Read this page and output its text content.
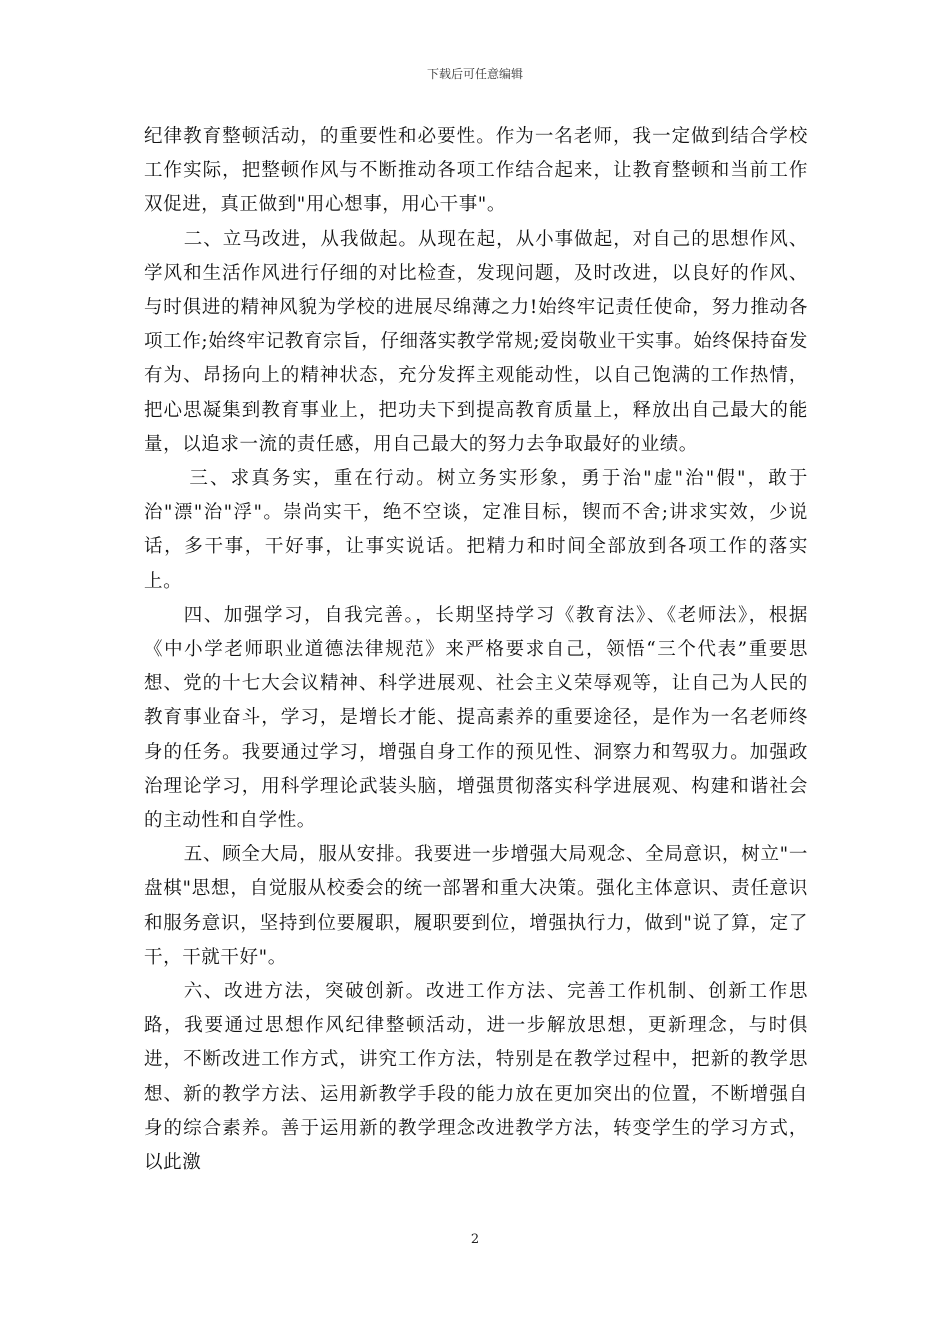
下载后可任意编辑

纪律教育整顿活动，的重要性和必要性。作为一名老师，我一定做到结合学校工作实际，把整顿作风与不断推动各项工作结合起来，让教育整顿和当前工作双促进，真正做到"用心想事，用心干事"。

二、立马改进，从我做起。从现在起，从小事做起，对自己的思想作风、学风和生活作风进行仔细的对比检查，发现问题，及时改进，以良好的作风、与时俱进的精神风貌为学校的进展尽绵薄之力!始终牢记责任使命，努力推动各项工作;始终牢记教育宗旨，仔细落实教学常规;爱岗敬业干实事。始终保持奋发有为、昂扬向上的精神状态，充分发挥主观能动性，以自己饱满的工作热情，把心思凝集到教育事业上，把功夫下到提高教育质量上，释放出自己最大的能量，以追求一流的责任感，用自己最大的努力去争取最好的业绩。

三、求真务实，重在行动。树立务实形象，勇于治"虚"治"假"，敢于治"漂"治"浮"。崇尚实干，绝不空谈，定准目标，锲而不舍;讲求实效，少说话，多干事，干好事，让事实说话。把精力和时间全部放到各项工作的落实上。

四、加强学习，自我完善。，长期坚持学习《教育法》、《老师法》，根据《中小学老师职业道德法律规范》来严格要求自己，领悟“三个代表”重要思想、党的十七大会议精神、科学进展观、社会主义荣辱观等，让自己为人民的教育事业奋斗，学习，是增长才能、提高素养的重要途径，是作为一名老师终身的任务。我要通过学习，增强自身工作的预见性、洞察力和驾驭力。加强政治理论学习，用科学理论武装头脑，增强贯彻落实科学进展观、构建和谐社会的主动性和自学性。

五、顾全大局，服从安排。我要进一步增强大局观念、全局意识，树立"一盘棋"思想，自觉服从校委会的统一部署和重大决策。强化主体意识、责任意识和服务意识，坚持到位要履职，履职要到位，增强执行力，做到"说了算，定了干，干就干好"。

六、改进方法，突破创新。改进工作方法、完善工作机制、创新工作思路，我要通过思想作风纪律整顿活动，进一步解放思想，更新理念，与时俱进，不断改进工作方式，讲究工作方法，特别是在教学过程中，把新的教学思想、新的教学方法、运用新教学手段的能力放在更加突出的位置，不断增强自身的综合素养。善于运用新的教学理念改进教学方法，转变学生的学习方式，以此激

2
